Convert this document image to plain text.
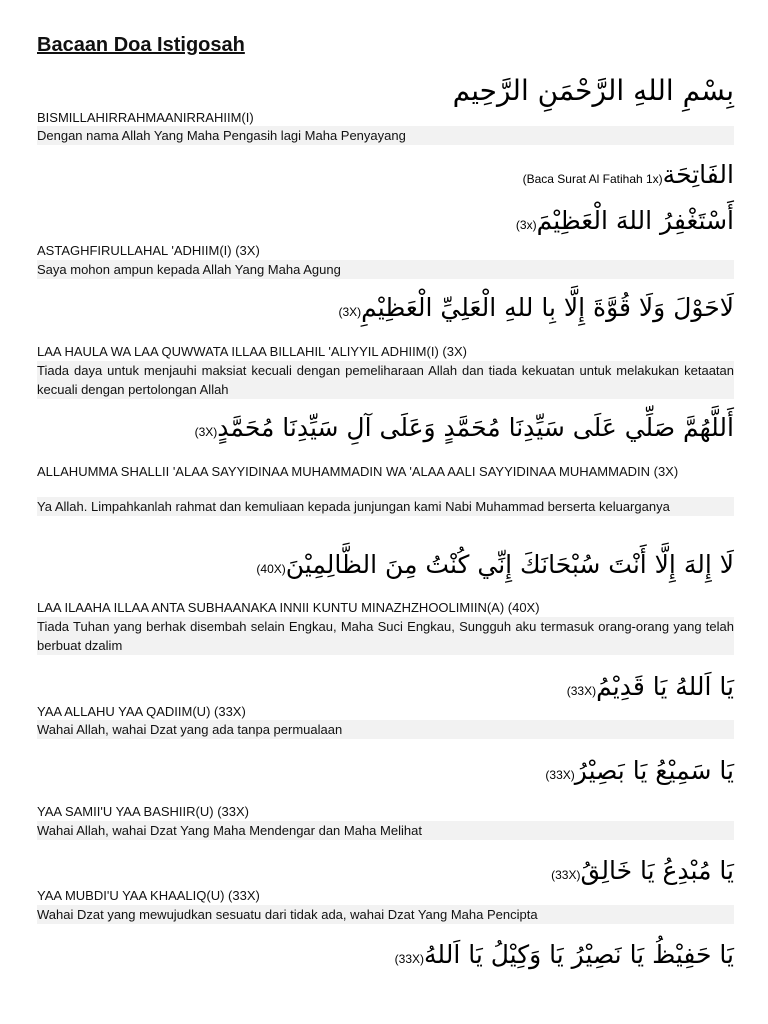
Bacaan Doa Istigosah
بِسْمِ اللهِ الرَّحْمَنِ الرَّحِيم
BISMILLAHIRRAHMAANIRRAHIIM(I)
Dengan nama Allah Yang Maha Pengasih lagi Maha Penyayang
الفَاتِحَة(Baca Surat Al Fatihah 1x)
أَسْتَغْفِرُ اللهَ الْعَظِيْمَ(3x)
ASTAGHFIRULLAHAL 'ADHIIM(I) (3X)
Saya mohon ampun kepada Allah Yang Maha Agung
لَاحَوْلَ وَلَا قُوَّةَ إِلَّا بِا للهِ الْعَلِيِّ الْعَظِيْمِ(3X)
LAA HAULA WA LAA QUWWATA ILLAA BILLAHIL 'ALIYYIL ADHIIM(I) (3X)
Tiada daya untuk menjauhi maksiat kecuali dengan pemeliharaan Allah dan tiada kekuatan untuk melakukan ketaatan kecuali dengan pertolongan Allah
أَللَّهُمَّ صَلِّي عَلَى سَيِّدِنَا مُحَمَّدٍ وَعَلَى آلِ سَيِّدِنَا مُحَمَّدٍ(3X)
ALLAHUMMA SHALLII 'ALAA SAYYIDINAA MUHAMMADIN WA 'ALAA AALI SAYYIDINAA MUHAMMADIN (3X)
Ya Allah. Limpahkanlah rahmat dan kemuliaan kepada junjungan kami Nabi Muhammad berserta keluarganya
لَا إِلهَ إِلَّا أَنْتَ سُبْحَانَكَ إِنِّي كُنْتُ مِنَ الظَّالِمِيْنَ(40X)
LAA ILAAHA ILLAA ANTA SUBHAANAKA INNII KUNTU MINAZHZHOOLIMIIN(A) (40X)
Tiada Tuhan yang berhak disembah selain Engkau, Maha Suci Engkau, Sungguh aku termasuk orang-orang yang telah berbuat dzalim
يَا اَللهُ يَا قَدِيْمُ(33X)
YAA ALLAHU YAA QADIIM(U) (33X)
Wahai Allah, wahai Dzat yang ada tanpa permualaan
يَا سَمِيْعُ يَا بَصِيْرُ(33X)
YAA SAMII'U YAA BASHIIR(U) (33X)
Wahai Allah, wahai Dzat Yang Maha Mendengar dan Maha Melihat
يَا مُبْدِعُ يَا خَالِقُ(33X)
YAA MUBDI'U YAA KHAALIQ(U) (33X)
Wahai Dzat yang mewujudkan sesuatu dari tidak ada, wahai Dzat Yang Maha Pencipta
يَا حَفِيْظُ يَا نَصِيْرُ يَا وَكِيْلُ يَا اَللهُ(33X)
